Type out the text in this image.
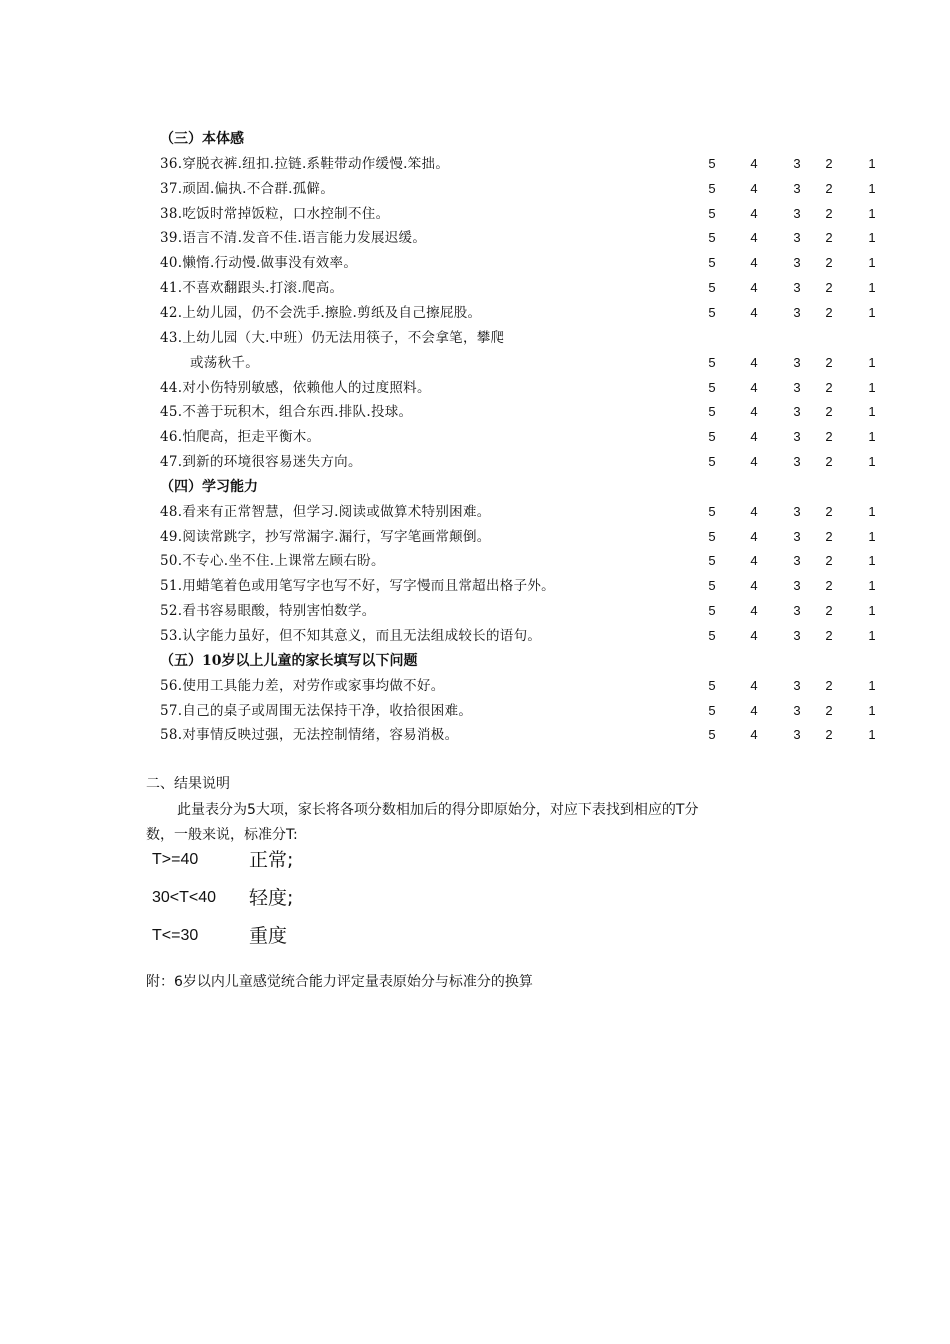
（三）本体感
36.穿脱衣裤.纽扣.拉链.系鞋带动作缓慢.笨拙。	5	4	3	2	1
37.顽固.偏执.不合群.孤僻。	5	4	3	2	1
38.吃饭时常掉饭粒，口水控制不住。	5	4	3	2	1
39.语言不清.发音不佳.语言能力发展迟缓。	5	4	3	2	1
40.懒惰.行动慢.做事没有效率。	5	4	3	2	1
41.不喜欢翻跟头.打滚.爬高。	5	4	3	2	1
42.上幼儿园，仍不会洗手.擦脸.剪纸及自己擦屁股。	5	4	3	2	1
43.上幼儿园（大.中班）仍无法用筷子，不会拿笔，攀爬
或荡秋千。	5	4	3	2	1
44.对小伤特别敏感，依赖他人的过度照料。	5	4	3	2	1
45.不善于玩积木，组合东西.排队.投球。	5	4	3	2	1
46.怕爬高，拒走平衡木。	5	4	3	2	1
47.到新的环境很容易迷失方向。	5	4	3	2	1
（四）学习能力
48.看来有正常智慧，但学习.阅读或做算术特别困难。	5	4	3	2	1
49.阅读常跳字，抄写常漏字.漏行，写字笔画常颠倒。	5	4	3	2	1
50.不专心.坐不住.上课常左顾右盼。	5	4	3	2	1
51.用蜡笔着色或用笔写字也写不好，写字慢而且常超出格子外。	5	4	3	2	1
52.看书容易眼酸，特别害怕数学。	5	4	3	2	1
53.认字能力虽好，但不知其意义，而且无法组成较长的语句。	5	4	3	2	1
（五）10岁以上儿童的家长填写以下问题
56.使用工具能力差，对劳作或家事均做不好。	5	4	3	2	1
57.自己的桌子或周围无法保持干净，收拾很困难。	5	4	3	2	1
58.对事情反映过强，无法控制情绪，容易消极。	5	4	3	2	1
二、结果说明
此量表分为5大项，家长将各项分数相加后的得分即原始分，对应下表找到相应的T分
数，一般来说，标准分T:
T>=40	正常;
30<T<40 轻度;
T<=30	重度
附：6岁以内儿童感觉统合能力评定量表原始分与标准分的换算
